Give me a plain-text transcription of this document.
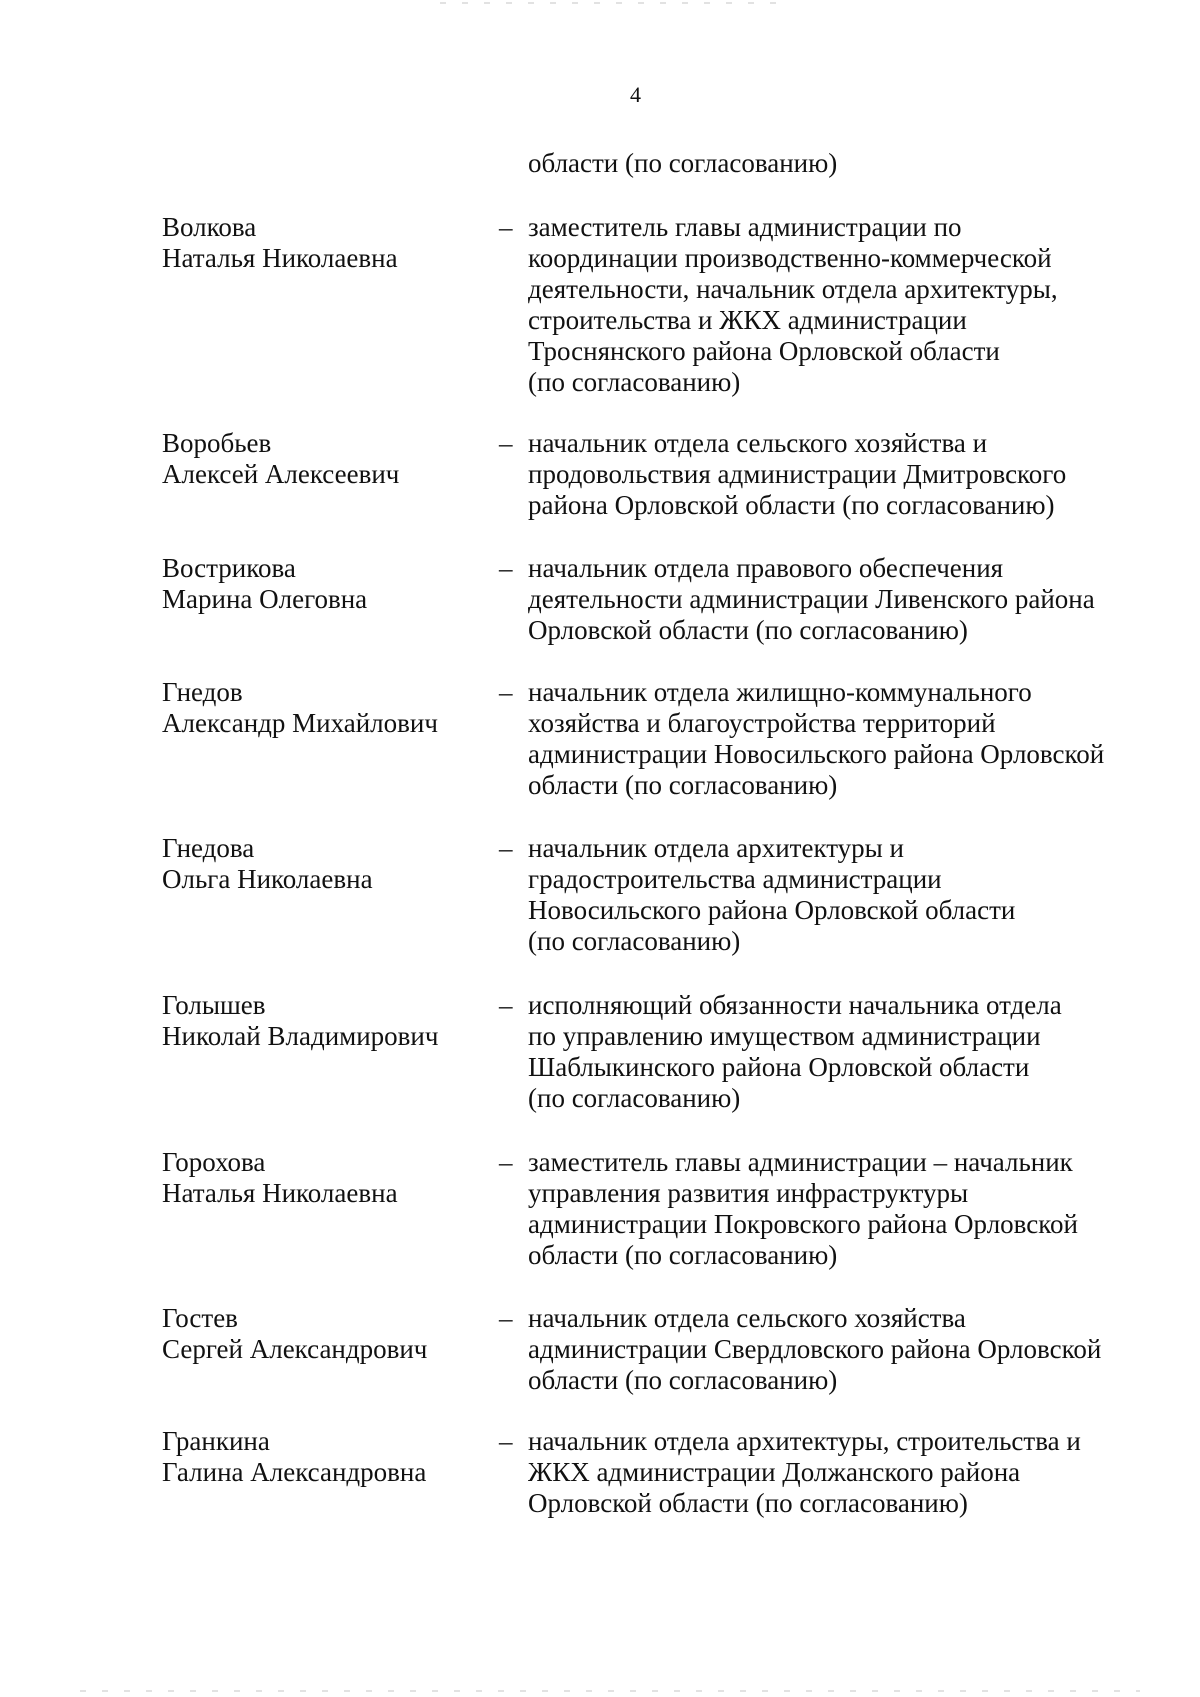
4
области (по согласованию)
Волкова
Наталья Николаевна
– заместитель главы администрации по
координации производственно-коммерческой
деятельности, начальник отдела архитектуры,
строительства и ЖКХ администрации
Троснянского района Орловской области
(по согласованию)
Воробьев
Алексей Алексеевич
– начальник отдела сельского хозяйства и
продовольствия администрации Дмитровского
района Орловской области (по согласованию)
Вострикова
Марина Олеговна
– начальник отдела правового обеспечения
деятельности администрации Ливенского района
Орловской области (по согласованию)
Гнедов
Александр Михайлович
– начальник отдела жилищно-коммунального
хозяйства и благоустройства территорий
администрации Новосильского района Орловской
области (по согласованию)
Гнедова
Ольга Николаевна
– начальник отдела архитектуры и
градостроительства администрации
Новосильского района Орловской области
(по согласованию)
Голышев
Николай Владимирович
– исполняющий обязанности начальника отдела
по управлению имуществом администрации
Шаблыкинского района Орловской области
(по согласованию)
Горохова
Наталья Николаевна
– заместитель главы администрации – начальник
управления развития инфраструктуры
администрации Покровского района Орловской
области (по согласованию)
Гостев
Сергей Александрович
– начальник отдела сельского хозяйства
администрации Свердловского района Орловской
области (по согласованию)
Гранкина
Галина Александровна
– начальник отдела архитектуры, строительства и
ЖКХ администрации Должанского района
Орловской области (по согласованию)
